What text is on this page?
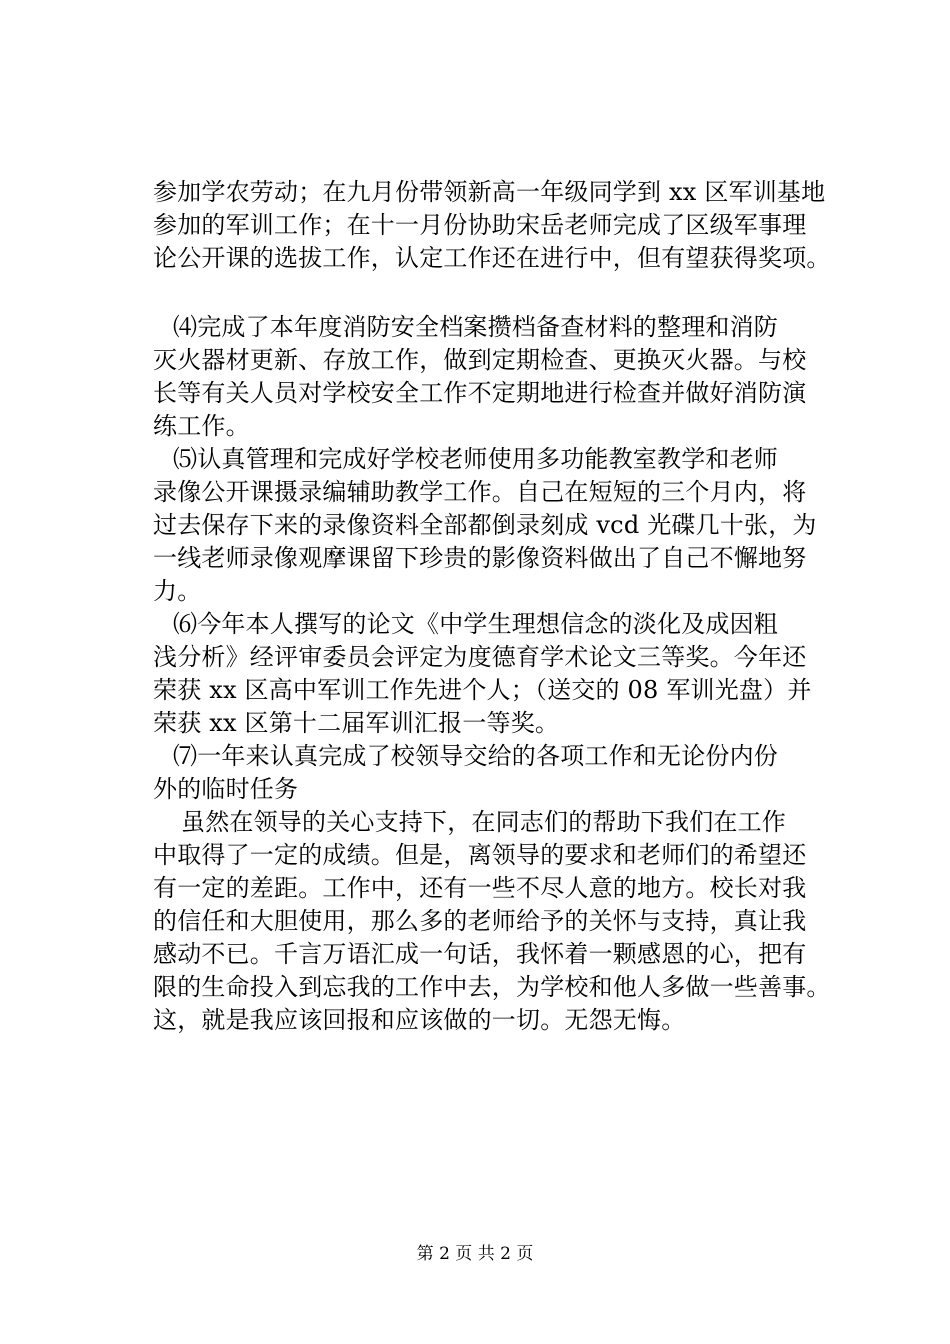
参加学农劳动；在九月份带领新高一年级同学到 xx 区军训基地
参加的军训工作；在十一月份协助宋岳老师完成了区级军事理
论公开课的选拔工作，认定工作还在进行中，但有望获得奖项。
⑷完成了本年度消防安全档案攒档备查材料的整理和消防
灭火器材更新、存放工作，做到定期检查、更换灭火器。与校
长等有关人员对学校安全工作不定期地进行检查并做好消防演
练工作。
⑸认真管理和完成好学校老师使用多功能教室教学和老师
录像公开课摄录编辅助教学工作。自己在短短的三个月内，将
过去保存下来的录像资料全部都倒录刻成 vcd 光碟几十张，为
一线老师录像观摩课留下珍贵的影像资料做出了自己不懈地努
力。
⑹今年本人撰写的论文《中学生理想信念的淡化及成因粗
浅分析》经评审委员会评定为度德育学术论文三等奖。今年还
荣获 xx 区高中军训工作先进个人；（送交的 08 军训光盘）并
荣获 xx 区第十二届军训汇报一等奖。
⑺一年来认真完成了校领导交给的各项工作和无论份内份
外的临时任务
虽然在领导的关心支持下，在同志们的帮助下我们在工作
中取得了一定的成绩。但是，离领导的要求和老师们的希望还
有一定的差距。工作中，还有一些不尽人意的地方。校长对我
的信任和大胆使用，那么多的老师给予的关怀与支持，真让我
感动不已。千言万语汇成一句话，我怀着一颗感恩的心，把有
限的生命投入到忘我的工作中去，为学校和他人多做一些善事。
这，就是我应该回报和应该做的一切。无怨无悔。
第 2 页 共 2 页
